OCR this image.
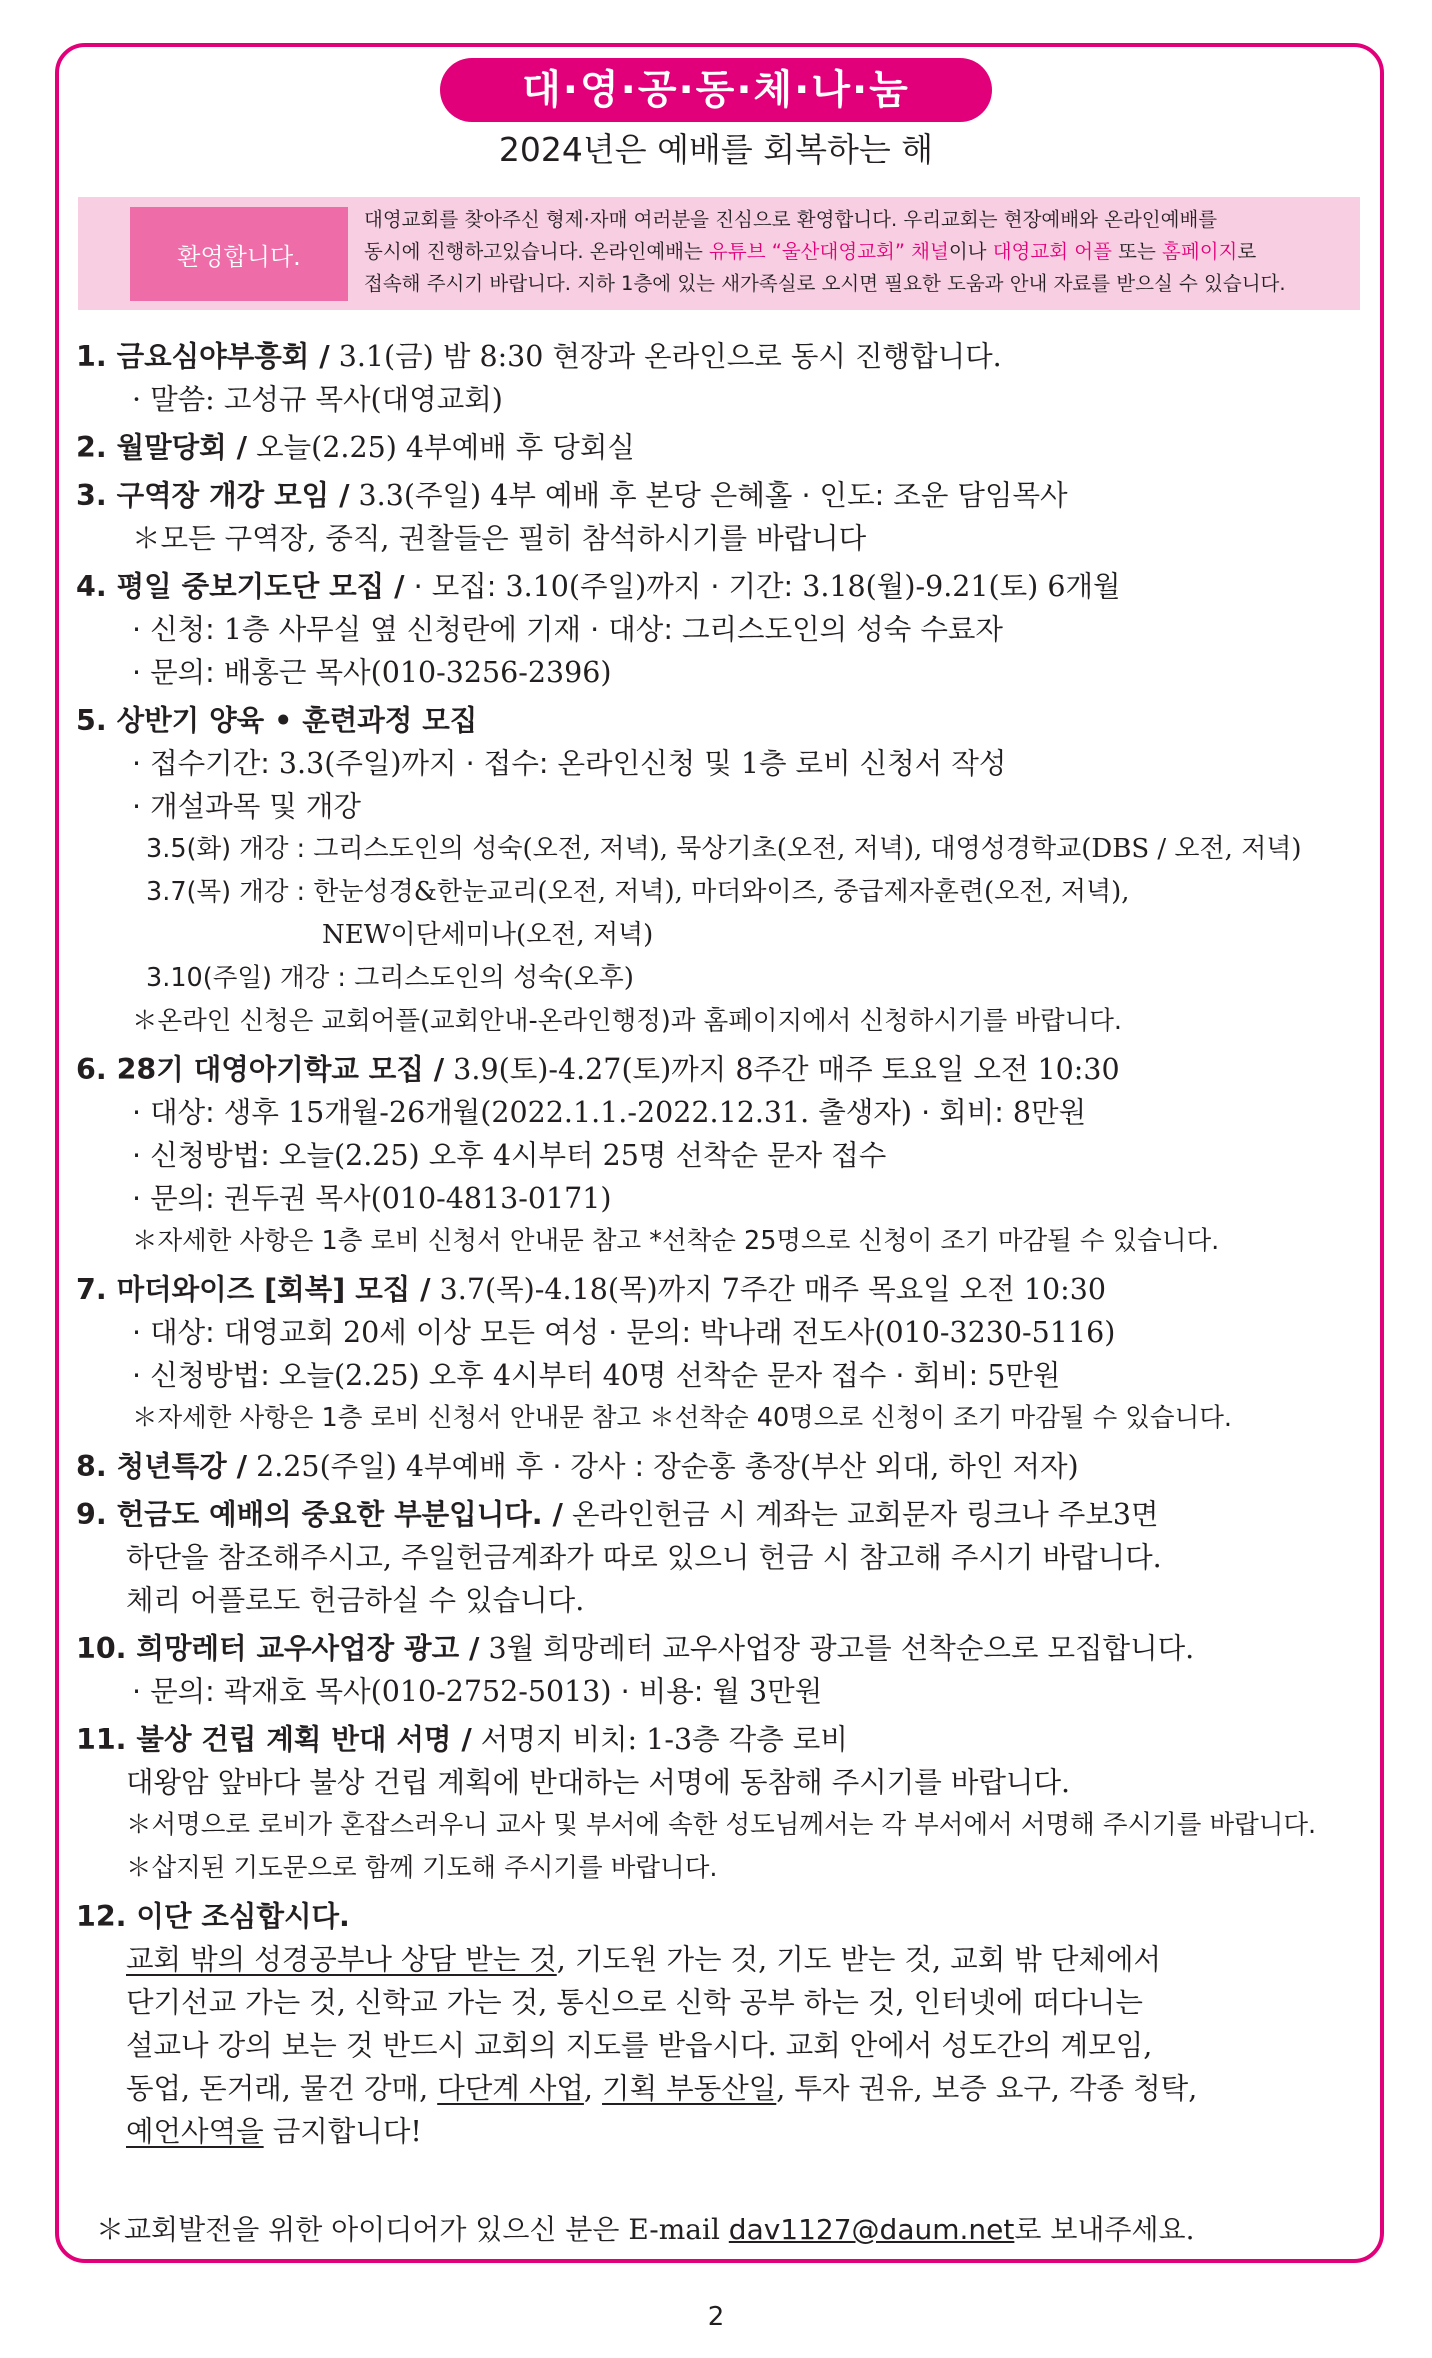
대·영·공·동·체·나·눔
2024년은 예배를 회복하는 해
환영합니다.
대영교회를 찾아주신 형제·자매 여러분을 진심으로 환영합니다. 우리교회는 현장예배와 온라인예배를
동시에 진행하고있습니다. 온라인예배는 유튜브 “울산대영교회” 채널이나 대영교회 어플 또는 홈페이지로
접속해 주시기 바랍니다. 지하 1층에 있는 새가족실로 오시면 필요한 도움과 안내 자료를 받으실 수 있습니다.
1. 금요심야부흥회 / 3.1(금) 밤 8:30 현장과 온라인으로 동시 진행합니다.
· 말씀: 고성규 목사(대영교회)
2. 월말당회 / 오늘(2.25) 4부예배 후 당회실
3. 구역장 개강 모임 / 3.3(주일) 4부 예배 후 본당 은혜홀 · 인도: 조운 담임목사
＊모든 구역장, 중직, 권찰들은 필히 참석하시기를 바랍니다
4. 평일 중보기도단 모집 / · 모집: 3.10(주일)까지 · 기간: 3.18(월)-9.21(토) 6개월
· 신청: 1층 사무실 옆 신청란에 기재 · 대상: 그리스도인의 성숙 수료자
· 문의: 배홍근 목사(010-3256-2396)
5. 상반기 양육 • 훈련과정 모집
· 접수기간: 3.3(주일)까지 · 접수: 온라인신청 및 1층 로비 신청서 작성
· 개설과목 및 개강
3.5(화) 개강 : 그리스도인의 성숙(오전, 저녁), 묵상기초(오전, 저녁), 대영성경학교(DBS / 오전, 저녁)
3.7(목) 개강 : 한눈성경&한눈교리(오전, 저녁), 마더와이즈, 중급제자훈련(오전, 저녁),
NEW이단세미나(오전, 저녁)
3.10(주일) 개강 : 그리스도인의 성숙(오후)
＊온라인 신청은 교회어플(교회안내-온라인행정)과 홈페이지에서 신청하시기를 바랍니다.
6. 28기 대영아기학교 모집 / 3.9(토)-4.27(토)까지 8주간 매주 토요일 오전 10:30
· 대상: 생후 15개월-26개월(2022.1.1.-2022.12.31. 출생자) · 회비: 8만원
· 신청방법: 오늘(2.25) 오후 4시부터 25명 선착순 문자 접수
· 문의: 권두권 목사(010-4813-0171)
＊자세한 사항은 1층 로비 신청서 안내문 참고 *선착순 25명으로 신청이 조기 마감될 수 있습니다.
7. 마더와이즈 [회복] 모집 / 3.7(목)-4.18(목)까지 7주간 매주 목요일 오전 10:30
· 대상: 대영교회 20세 이상 모든 여성 · 문의: 박나래 전도사(010-3230-5116)
· 신청방법: 오늘(2.25) 오후 4시부터 40명 선착순 문자 접수 · 회비: 5만원
＊자세한 사항은 1층 로비 신청서 안내문 참고 ＊선착순 40명으로 신청이 조기 마감될 수 있습니다.
8. 청년특강 / 2.25(주일) 4부예배 후 · 강사 : 장순홍 총장(부산 외대, 하인 저자)
9. 헌금도 예배의 중요한 부분입니다. / 온라인헌금 시 계좌는 교회문자 링크나 주보3면
하단을 참조해주시고, 주일헌금계좌가 따로 있으니 헌금 시 참고해 주시기 바랍니다.
체리 어플로도 헌금하실 수 있습니다.
10. 희망레터 교우사업장 광고 / 3월 희망레터 교우사업장 광고를 선착순으로 모집합니다.
· 문의: 곽재호 목사(010-2752-5013) · 비용: 월 3만원
11. 불상 건립 계획 반대 서명 / 서명지 비치: 1-3층 각층 로비
대왕암 앞바다 불상 건립 계획에 반대하는 서명에 동참해 주시기를 바랍니다.
＊서명으로 로비가 혼잡스러우니 교사 및 부서에 속한 성도님께서는 각 부서에서 서명해 주시기를 바랍니다.
＊삽지된 기도문으로 함께 기도해 주시기를 바랍니다.
12. 이단 조심합시다.
교회 밖의 성경공부나 상담 받는 것, 기도원 가는 것, 기도 받는 것, 교회 밖 단체에서
단기선교 가는 것, 신학교 가는 것, 통신으로 신학 공부 하는 것, 인터넷에 떠다니는
설교나 강의 보는 것 반드시 교회의 지도를 받읍시다. 교회 안에서 성도간의 계모임,
동업, 돈거래, 물건 강매, 다단계 사업, 기획 부동산일, 투자 권유, 보증 요구, 각종 청탁,
예언사역을 금지합니다!
＊교회발전을 위한 아이디어가 있으신 분은 E-mail dav1127@daum.net로 보내주세요.
2
